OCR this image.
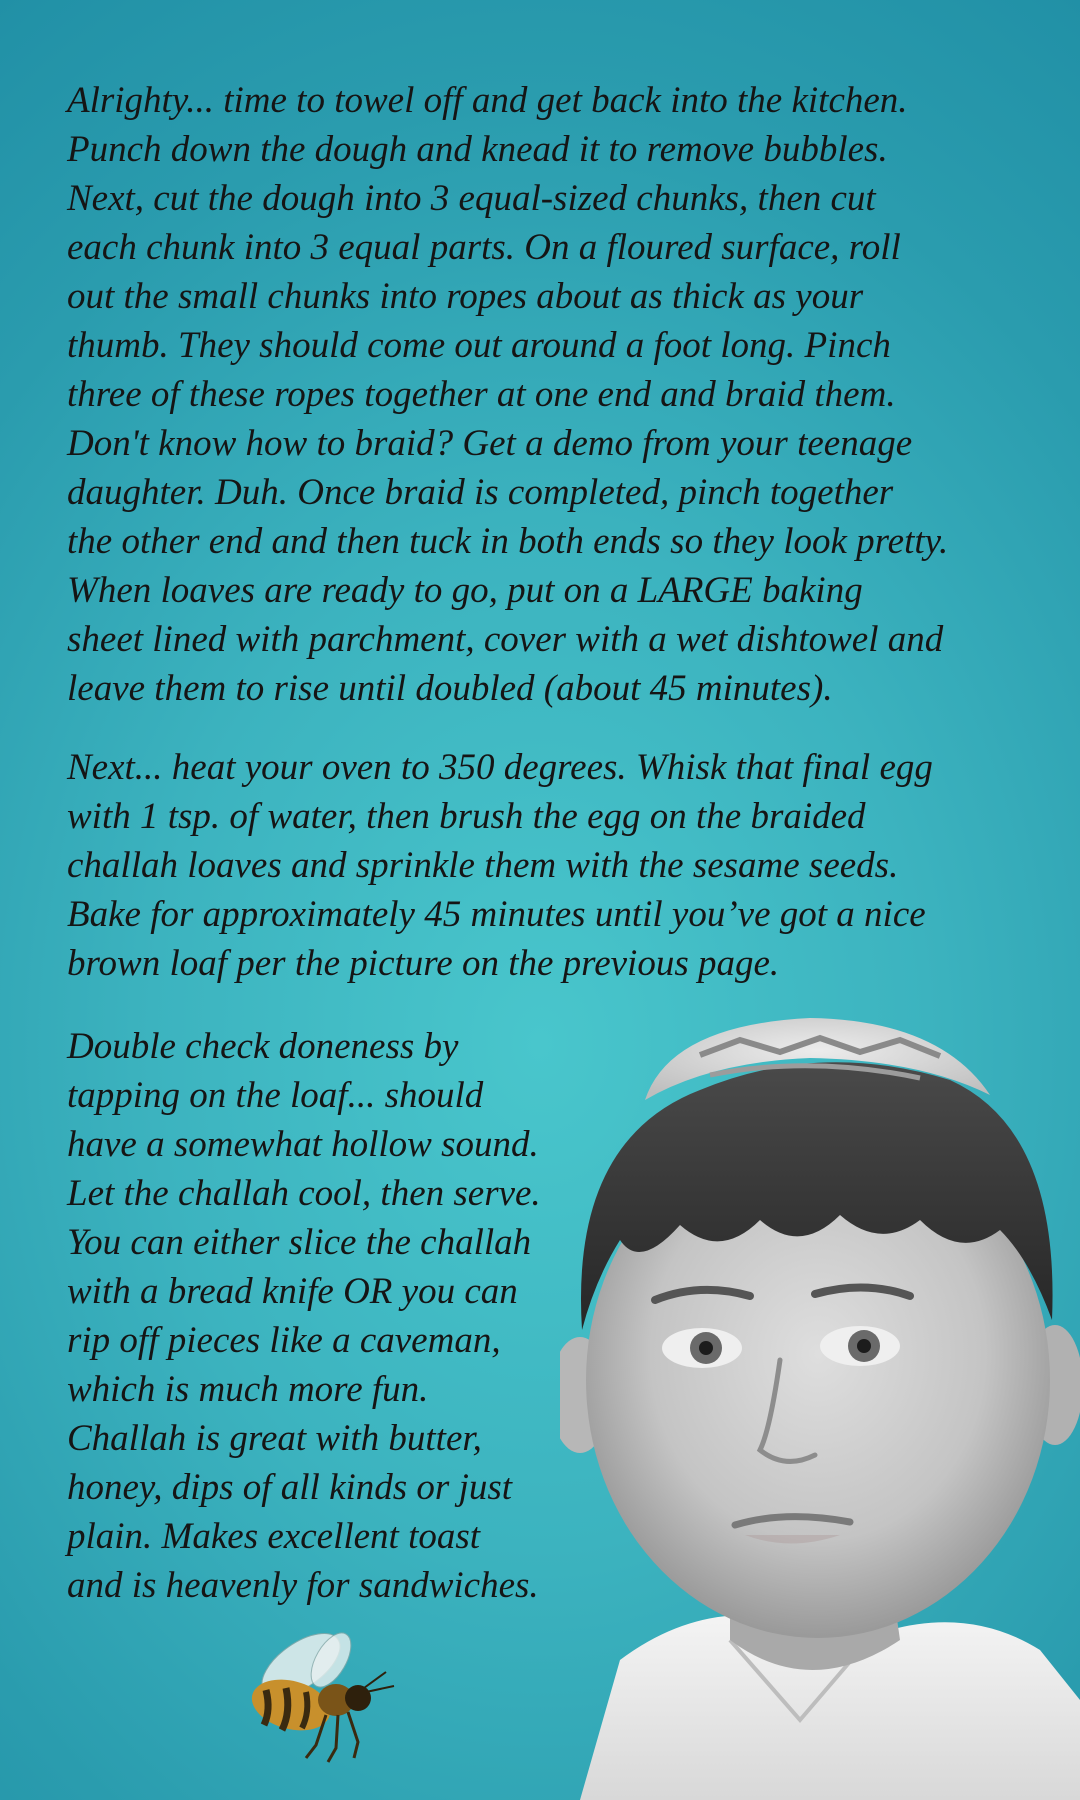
Alrighty... time to towel off and get back into the kitchen.
Punch down the dough and knead it to remove bubbles.
Next, cut the dough into 3 equal-sized chunks, then cut
each chunk into 3 equal parts. On a floured surface, roll
out the small chunks into ropes about as thick as your
thumb. They should come out around a foot long. Pinch
three of these ropes together at one end and braid them.
Don't know how to braid? Get a demo from your teenage
daughter. Duh. Once braid is completed, pinch together
the other end and then tuck in both ends so they look pretty.
When loaves are ready to go, put on a LARGE baking
sheet lined with parchment, cover with a wet dishtowel and
leave them to rise until doubled (about 45 minutes).

Next... heat your oven to 350 degrees. Whisk that final egg
with 1 tsp. of water, then brush the egg on the braided
challah loaves and sprinkle them with the sesame seeds.
Bake for approximately 45 minutes until you’ve got a nice
brown loaf per the picture on the previous page.

Double check doneness by
tapping on the loaf... should
have a somewhat hollow sound.
Let the challah cool, then serve.
You can either slice the challah
with a bread knife OR you can
rip off pieces like a caveman,
which is much more fun.
Challah is great with butter,
honey, dips of all kinds or just
plain. Makes excellent toast
and is heavenly for sandwiches.
